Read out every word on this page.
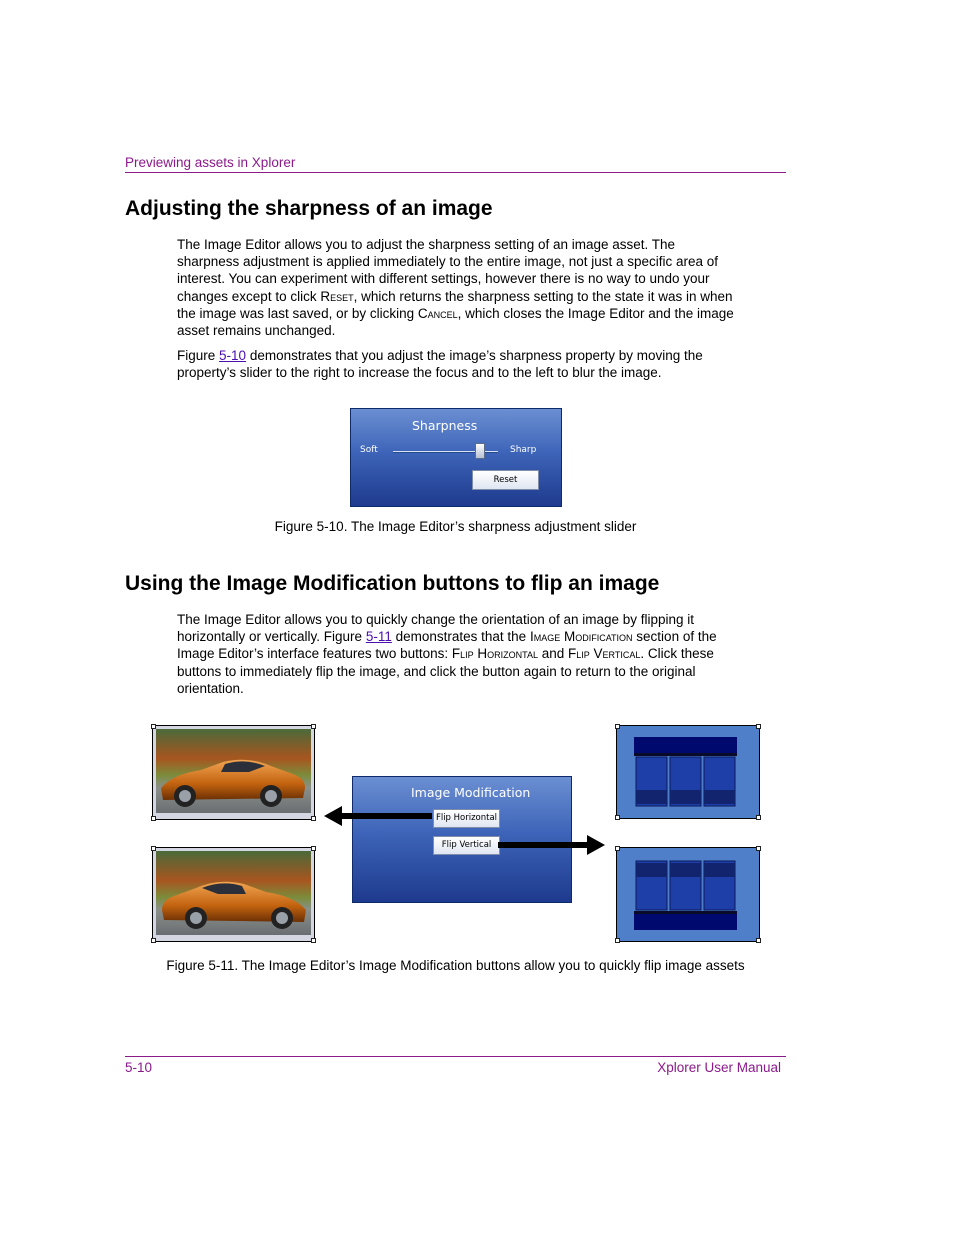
Previewing assets in Xplorer
Adjusting the sharpness of an image

The Image Editor allows you to adjust the sharpness setting of an image asset. The sharpness adjustment is applied immediately to the entire image, not just a specific area of interest. You can experiment with different settings, however there is no way to undo your changes except to click Reset, which returns the sharpness setting to the state it was in when the image was last saved, or by clicking Cancel, which closes the Image Editor and the image asset remains unchanged.

Figure 5-10 demonstrates that you adjust the image’s sharpness property by moving the property’s slider to the right to increase the focus and to the left to blur the image.

Sharpness
Soft	Sharp
Reset
Figure 5-10. The Image Editor’s sharpness adjustment slider
Using the Image Modification buttons to flip an image

The Image Editor allows you to quickly change the orientation of an image by flipping it horizontally or vertically. Figure 5-11 demonstrates that the Image Modification section of the Image Editor’s interface features two buttons: Flip Horizontal and Flip Vertical. Click these buttons to immediately flip the image, and click the button again to return to the original orientation.

Image Modification
Flip Horizontal
Flip Vertical
Figure 5-11. The Image Editor’s Image Modification buttons allow you to quickly flip image assets
5-10	Xplorer User Manual
